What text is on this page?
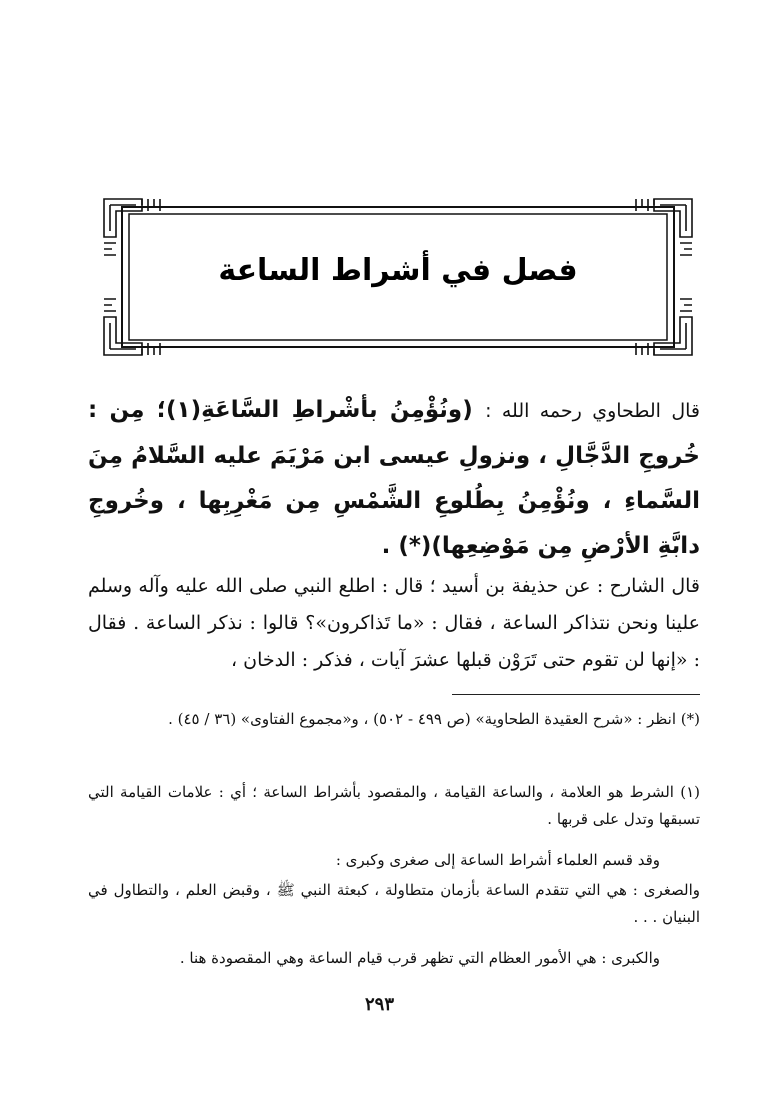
فصل في أشراط الساعة
قال الطحاوي رحمه الله : (ونُؤْمِنُ بأشْراطِ السَّاعَةِ(١)؛ مِن : خُروجِ الدَّجَّالِ ، ونزولِ عيسى ابن مَرْيَمَ عليه السَّلامُ مِنَ السَّماءِ ، ونُؤْمِنُ بِطُلوعِ الشَّمْسِ مِن مَغْرِبِها ، وخُروجِ دابَّةِ الأرْضِ مِن مَوْضِعِها)(*) .
قال الشارح : عن حذيفة بن أسيد ؛ قال : اطلع النبي صلى الله عليه وآله وسلم علينا ونحن نتذاكر الساعة ، فقال : «ما تَذاكرون»؟ قالوا : نذكر الساعة . فقال : «إنها لن تقوم حتى تَرَوْن قبلها عشرَ آيات ، فذكر : الدخان ،
(*) انظر : «شرح العقيدة الطحاوية» (ص ٤٩٩ - ٥٠٢) ، و«مجموع الفتاوى» (٣٦ / ٤٥) .
(١) الشرط هو العلامة ، والساعة القيامة ، والمقصود بأشراط الساعة ؛ أي : علامات القيامة التي تسبقها وتدل على قربها .
وقد قسم العلماء أشراط الساعة إلى صغرى وكبرى :
والصغرى : هي التي تتقدم الساعة بأزمان متطاولة ، كبعثة النبي ﷺ ، وقبض العلم ، والتطاول في البنيان . . .
والكبرى : هي الأمور العظام التي تظهر قرب قيام الساعة وهي المقصودة هنا .
٢٩٣
